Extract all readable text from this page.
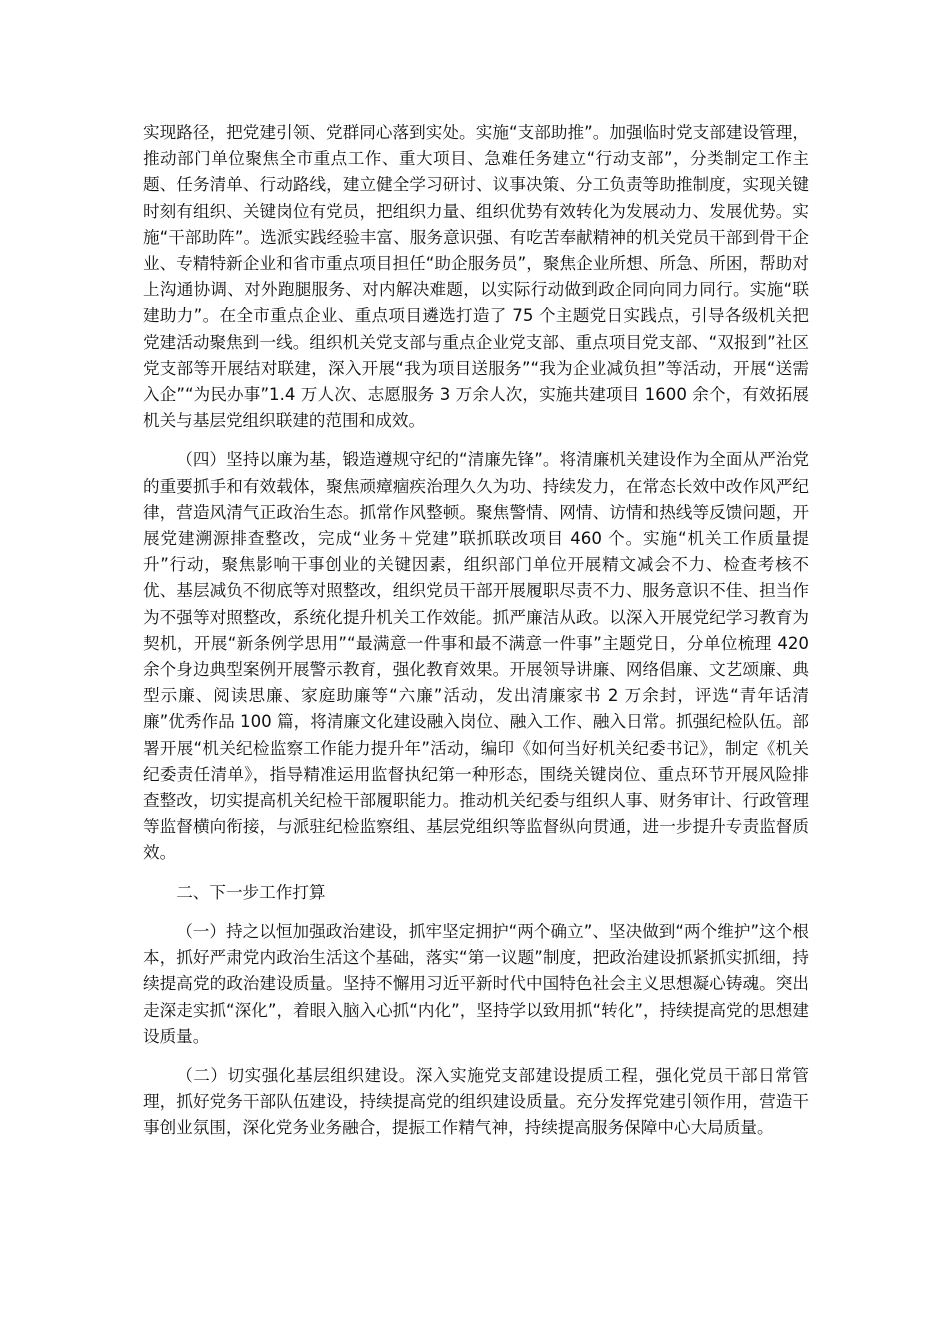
实现路径，把党建引领、党群同心落到实处。实施“支部助推”。加强临时党支部建设管理，推动部门单位聚焦全市重点工作、重大项目、急难任务建立“行动支部”，分类制定工作主题、任务清单、行动路线，建立健全学习研讨、议事决策、分工负责等助推制度，实现关键时刻有组织、关键岗位有党员，把组织力量、组织优势有效转化为发展动力、发展优势。实施“干部助阵”。选派实践经验丰富、服务意识强、有吃苦奉献精神的机关党员干部到骨干企业、专精特新企业和省市重点项目担任“助企服务员”，聚焦企业所想、所急、所困，帮助对上沟通协调、对外跑腿服务、对内解决难题，以实际行动做到政企同向同力同行。实施“联建助力”。在全市重点企业、重点项目遴选打造了 75 个主题党日实践点，引导各级机关把党建活动聚焦到一线。组织机关党支部与重点企业党支部、重点项目党支部、“双报到”社区党支部等开展结对联建，深入开展“我为项目送服务”“我为企业减负担”等活动，开展“送需入企”“为民办事”1.4 万人次、志愿服务 3 万余人次，实施共建项目 1600 余个，有效拓展机关与基层党组织联建的范围和成效。

（四）坚持以廉为基，锻造遵规守纪的“清廉先锋”。将清廉机关建设作为全面从严治党的重要抓手和有效载体，聚焦顽瘴痼疾治理久久为功、持续发力，在常态长效中改作风严纪律，营造风清气正政治生态。抓常作风整顿。聚焦警情、网情、访情和热线等反馈问题，开展党建溯源排查整改，完成“业务＋党建”联抓联改项目 460 个。实施“机关工作质量提升”行动，聚焦影响干事创业的关键因素，组织部门单位开展精文减会不力、检查考核不优、基层减负不彻底等对照整改，组织党员干部开展履职尽责不力、服务意识不佳、担当作为不强等对照整改，系统化提升机关工作效能。抓严廉洁从政。以深入开展党纪学习教育为契机，开展“新条例学思用”“最满意一件事和最不满意一件事”主题党日，分单位梳理 420 余个身边典型案例开展警示教育，强化教育效果。开展领导讲廉、网络倡廉、文艺颂廉、典型示廉、阅读思廉、家庭助廉等“六廉”活动，发出清廉家书 2 万余封，评选“青年话清廉”优秀作品 100 篇，将清廉文化建设融入岗位、融入工作、融入日常。抓强纪检队伍。部署开展“机关纪检监察工作能力提升年”活动，编印《如何当好机关纪委书记》，制定《机关纪委责任清单》，指导精准运用监督执纪第一种形态，围绕关键岗位、重点环节开展风险排查整改，切实提高机关纪检干部履职能力。推动机关纪委与组织人事、财务审计、行政管理等监督横向衔接，与派驻纪检监察组、基层党组织等监督纵向贯通，进一步提升专责监督质效。

二、下一步工作打算

（一）持之以恒加强政治建设，抓牢坚定拥护“两个确立”、坚决做到“两个维护”这个根本，抓好严肃党内政治生活这个基础，落实“第一议题”制度，把政治建设抓紧抓实抓细，持续提高党的政治建设质量。坚持不懈用习近平新时代中国特色社会主义思想凝心铸魂。突出走深走实抓“深化”，着眼入脑入心抓“内化”，坚持学以致用抓“转化”，持续提高党的思想建设质量。

（二）切实强化基层组织建设。深入实施党支部建设提质工程，强化党员干部日常管理，抓好党务干部队伍建设，持续提高党的组织建设质量。充分发挥党建引领作用，营造干事创业氛围，深化党务业务融合，提振工作精气神，持续提高服务保障中心大局质量。
